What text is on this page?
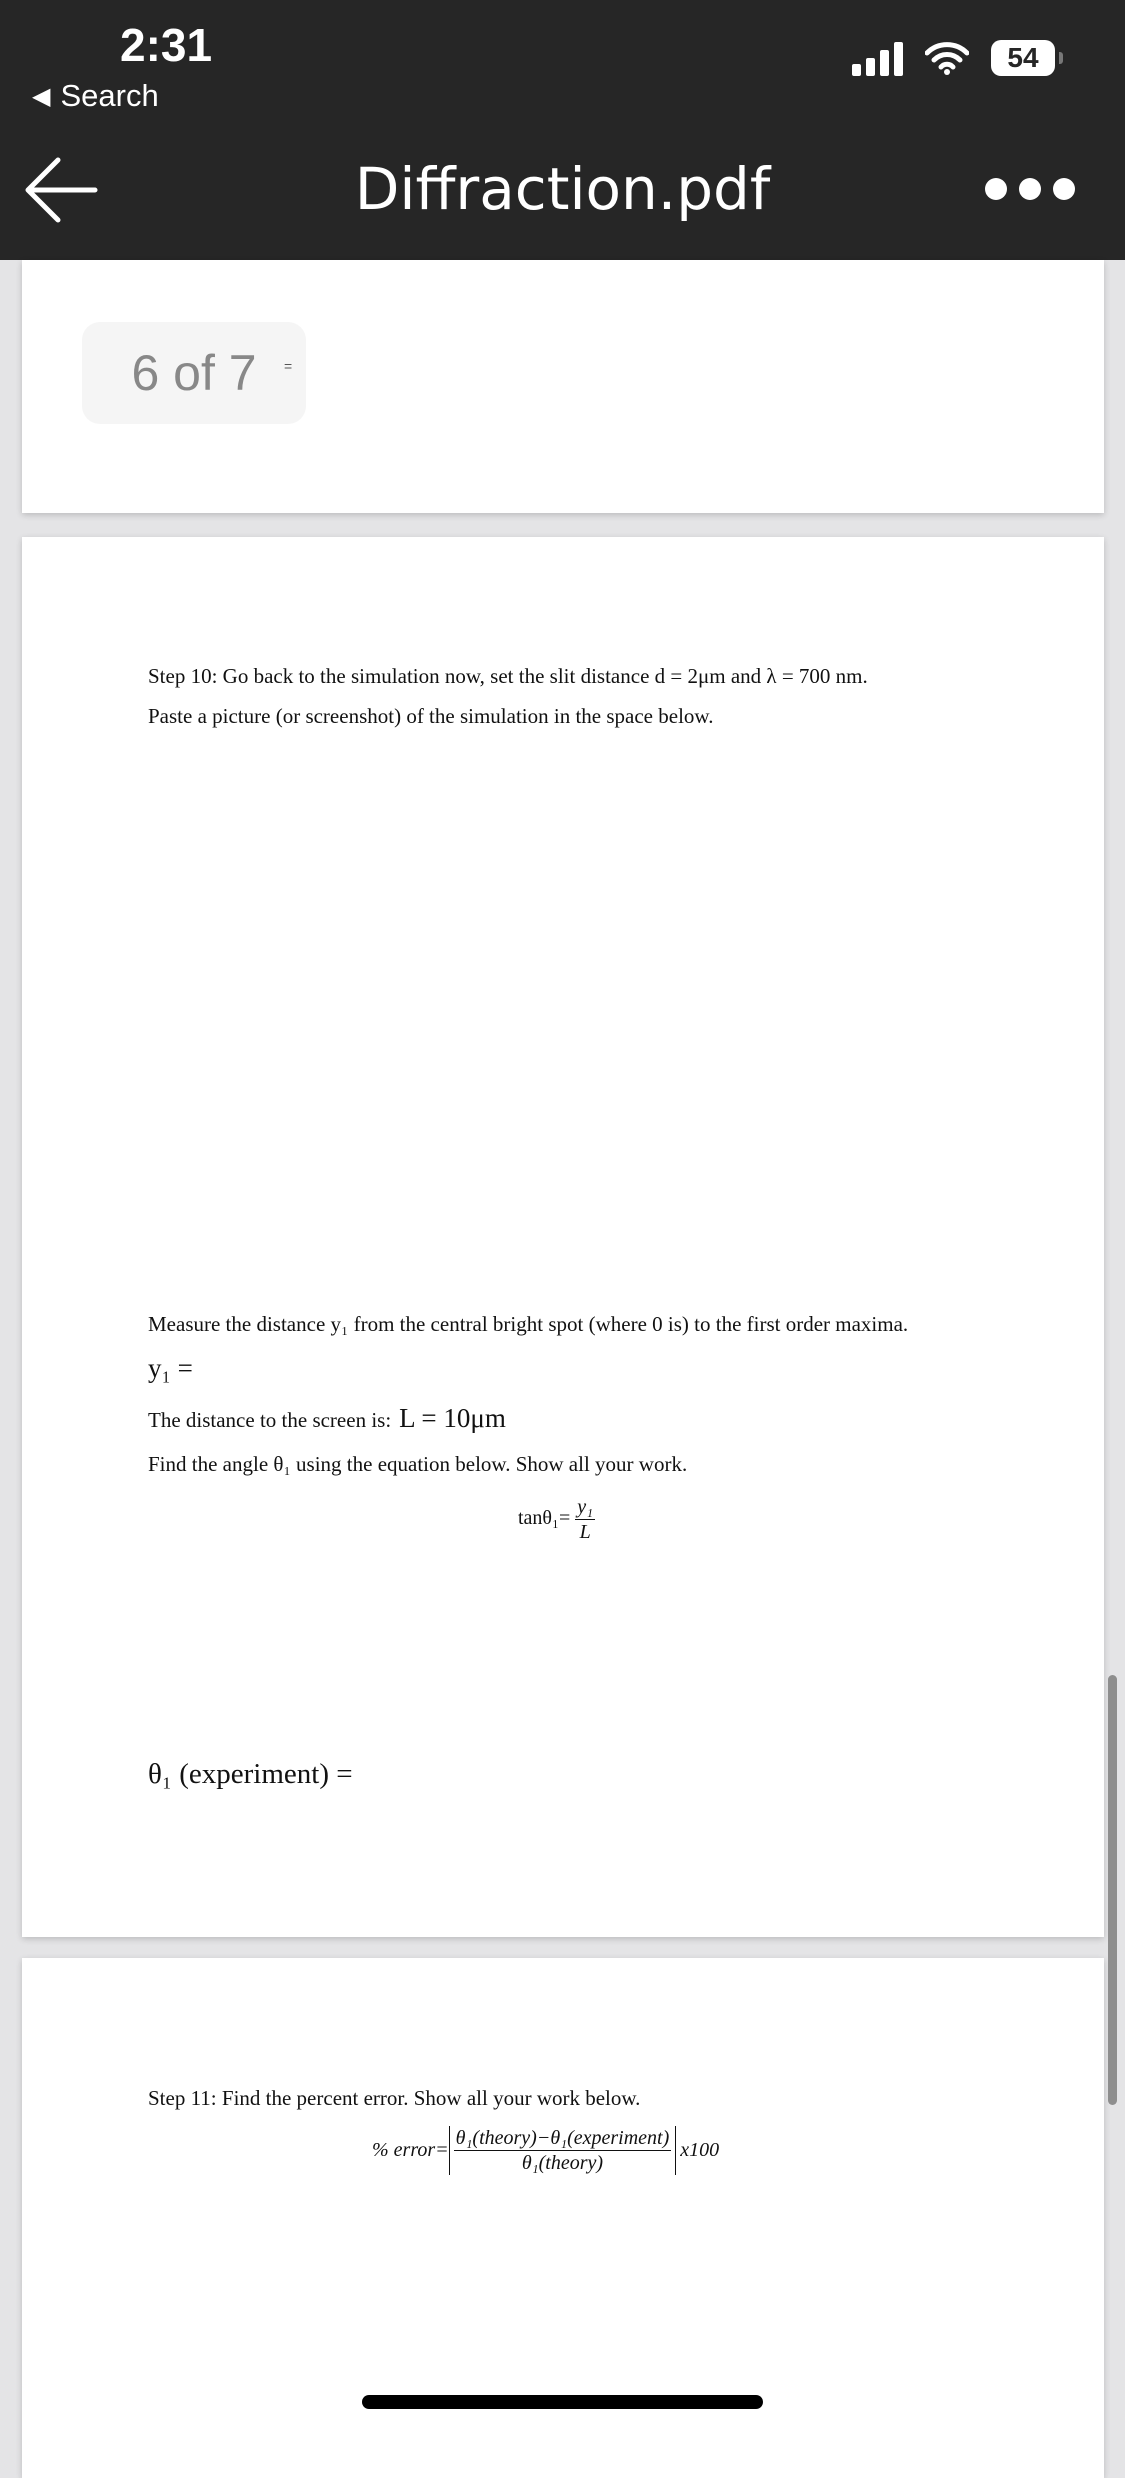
2:31
◀ Search
54
Diffraction.pdf
6 of 7	=
Step 10: Go back to the simulation now, set the slit distance d = 2μm and λ = 700 nm.
Paste a picture (or screenshot) of the simulation in the space below.
Measure the distance y₁ from the central bright spot (where 0 is) to the first order maxima.
y₁ =
The distance to the screen is: L = 10μm
Find the angle θ₁ using the equation below. Show all your work.
$\tan\theta_1= \frac{\text{y₁}}{L}$
θ₁ (experiment) =
Step 11: Find the percent error. Show all your work below.
% error= $\frac{\text{θ₁(theory)−θ₁(experiment)}}{\text{θ₁(theory)}} x100$
